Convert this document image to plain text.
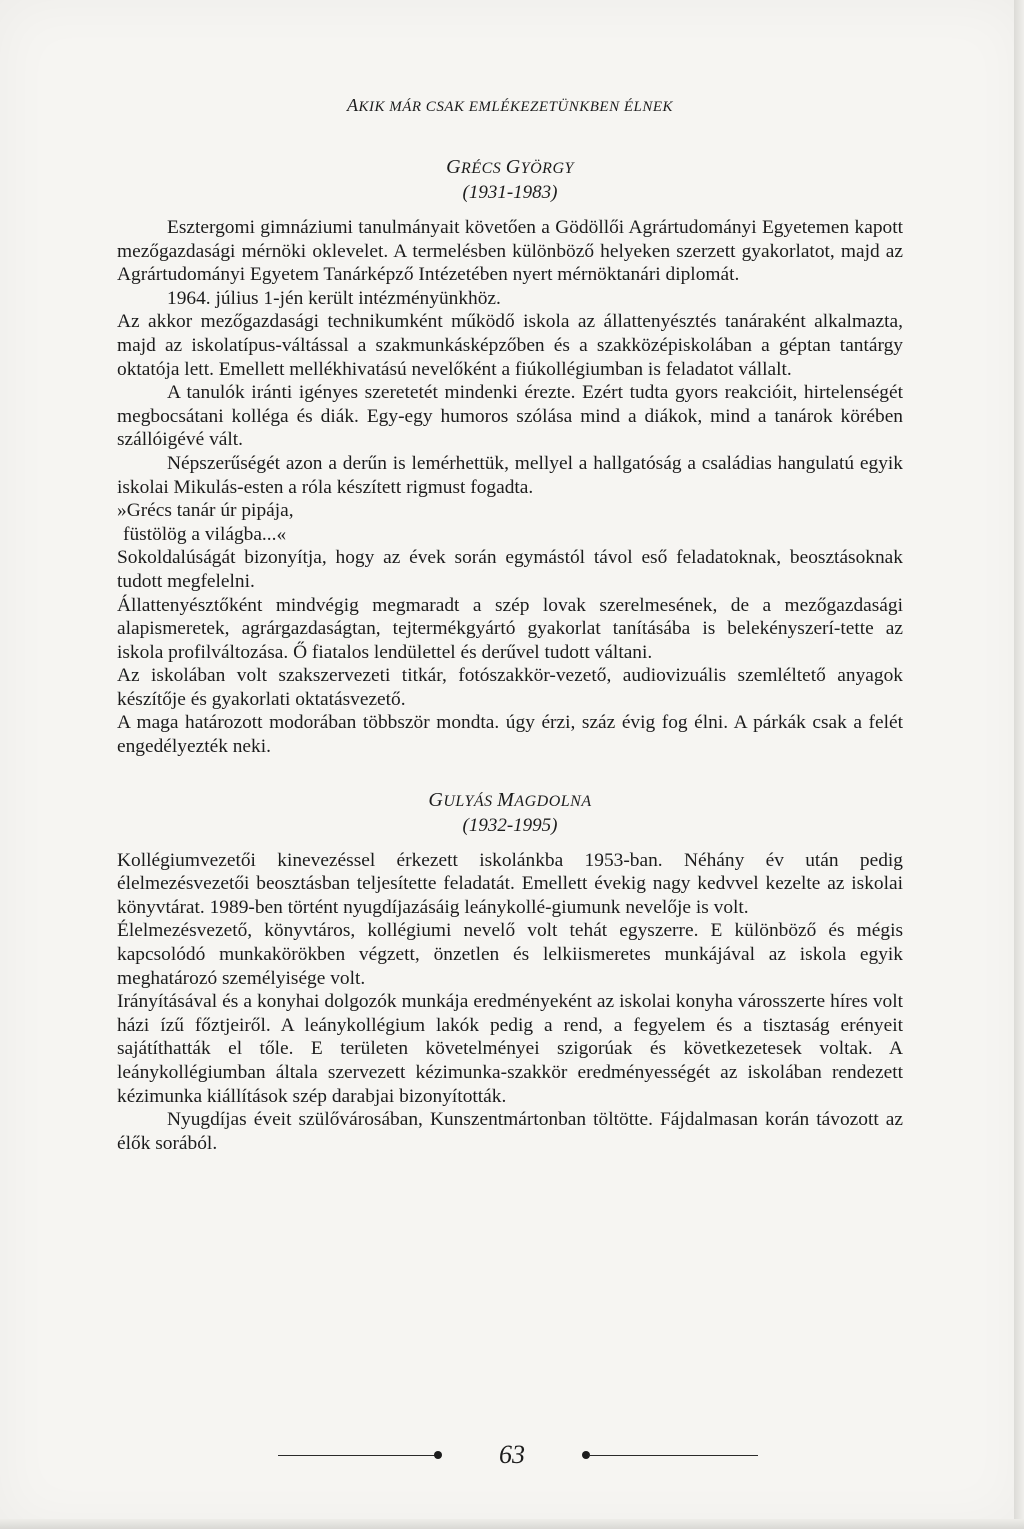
AKIK MÁR CSAK EMLÉKEZETÜNKBEN ÉLNEK

GRÉCS GYÖRGY

(1931-1983)

Esztergomi gimnáziumi tanulmányait követően a Gödöllői Agrártudományi Egyetemen kapott mezőgazdasági mérnöki oklevelet. A termelésben különböző helyeken szerzett gyakorlatot, majd az Agrártudományi Egyetem Tanárképző Intézetében nyert mérnöktanári diplomát.

1964. július 1-jén került intézményünkhöz.

Az akkor mezőgazdasági technikumként működő iskola az állattenyésztés tanáraként alkalmazta, majd az iskolatípus-váltással a szakmunkásképzőben és a szakközépiskolában a géptan tantárgy oktatója lett. Emellett mellékhivatású nevelőként a fiúkollégiumban is feladatot vállalt.

A tanulók iránti igényes szeretetét mindenki érezte. Ezért tudta gyors reakcióit, hirtelenségét megbocsátani kolléga és diák. Egy-egy humoros szólása mind a diákok, mind a tanárok körében szállóigévé vált.

Népszerűségét azon a derűn is lemérhettük, mellyel a hallgatóság a családias hangulatú egyik iskolai Mikulás-esten a róla készített rigmust fogadta.

»Grécs tanár úr pipája,

füstölög a világba...«

Sokoldalúságát bizonyítja, hogy az évek során egymástól távol eső feladatoknak, beosztásoknak tudott megfelelni.

Állattenyésztőként mindvégig megmaradt a szép lovak szerelmesének, de a mezőgazdasági alapismeretek, agrárgazdaságtan, tejtermékgyártó gyakorlat tanításába is belekényszerí-tette az iskola profilváltozása. Ő fiatalos lendülettel és derűvel tudott váltani.

Az iskolában volt szakszervezeti titkár, fotószakkör-vezető, audiovizuális szemléltető anyagok készítője és gyakorlati oktatásvezető.

A maga határozott modorában többször mondta. úgy érzi, száz évig fog élni. A párkák csak a felét engedélyezték neki.

GULYÁS MAGDOLNA

(1932-1995)

Kollégiumvezetői kinevezéssel érkezett iskolánkba 1953-ban. Néhány év után pedig élelmezésvezetői beosztásban teljesítette feladatát. Emellett évekig nagy kedvvel kezelte az iskolai könyvtárat. 1989-ben történt nyugdíjazásáig leánykollé-giumunk nevelője is volt.

Élelmezésvezető, könyvtáros, kollégiumi nevelő volt tehát egyszerre. E különböző és mégis kapcsolódó munkakörökben végzett, önzetlen és lelkiismeretes munkájával az iskola egyik meghatározó személyisége volt.

Irányításával és a konyhai dolgozók munkája eredményeként az iskolai konyha városszerte híres volt házi ízű főztjeiről. A leánykollégium lakók pedig a rend, a fegyelem és a tisztaság erényeit sajátíthatták el tőle. E területen követelményei szigorúak és következetesek voltak. A leánykollégiumban általa szervezett kézimunka-szakkör eredményességét az iskolában rendezett kézimunka kiállítások szép darabjai bizonyították.

Nyugdíjas éveit szülővárosában, Kunszentmártonban töltötte. Fájdalmasan korán távozott az élők sorából.

63
